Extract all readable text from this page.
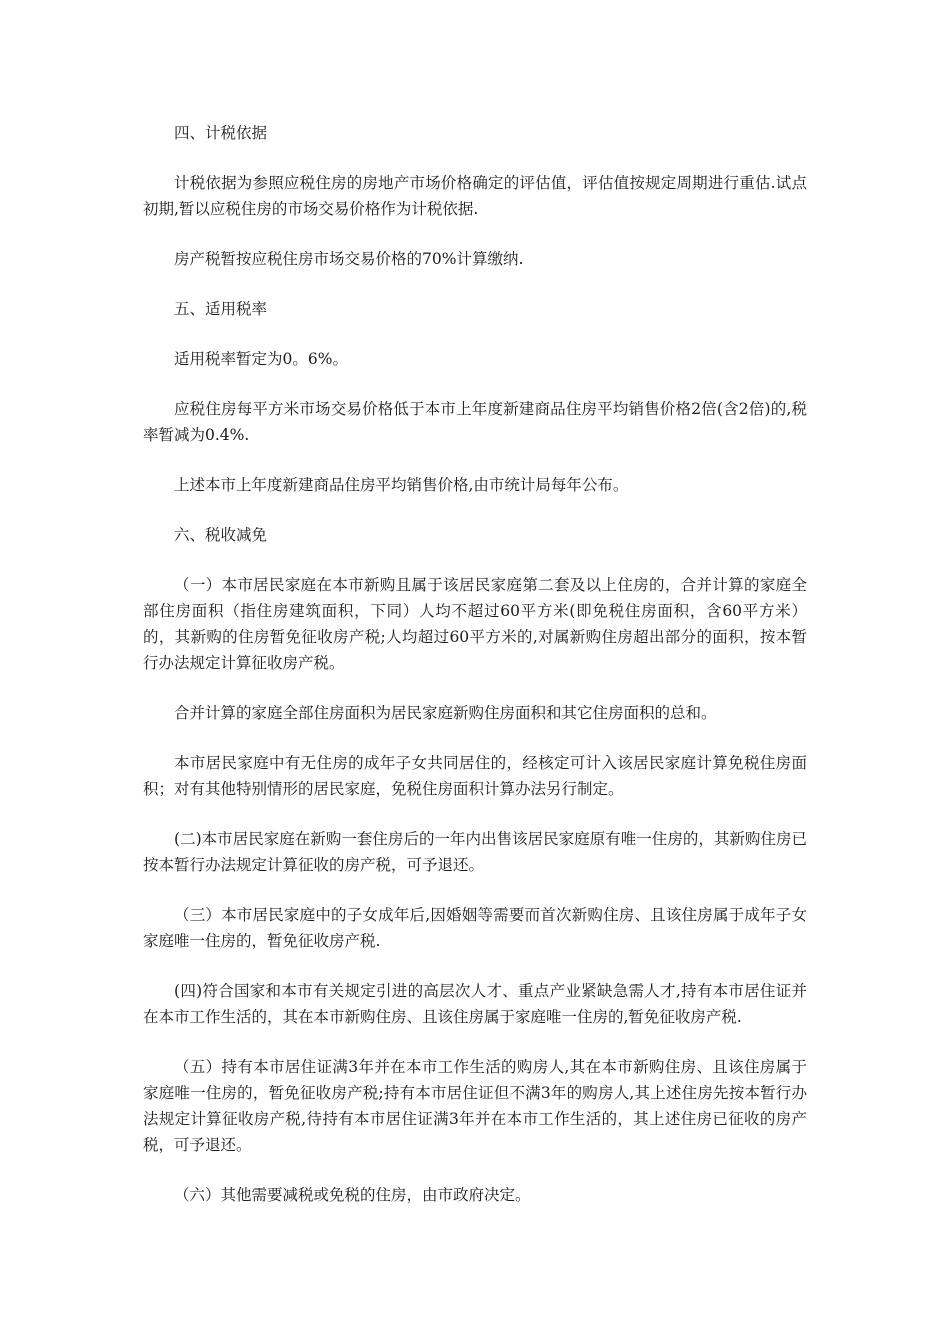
四、计税依据

计税依据为参照应税住房的房地产市场价格确定的评估值，评估值按规定周期进行重估.试点初期,暂以应税住房的市场交易价格作为计税依据.

房产税暂按应税住房市场交易价格的70%计算缴纳.

五、适用税率

适用税率暂定为0。6%。

应税住房每平方米市场交易价格低于本市上年度新建商品住房平均销售价格2倍(含2倍)的,税率暂减为0.4%.

上述本市上年度新建商品住房平均销售价格,由市统计局每年公布。

六、税收减免

（一）本市居民家庭在本市新购且属于该居民家庭第二套及以上住房的，合并计算的家庭全部住房面积（指住房建筑面积，下同）人均不超过60平方米(即免税住房面积，含60平方米）的，其新购的住房暂免征收房产税;人均超过60平方米的,对属新购住房超出部分的面积，按本暂行办法规定计算征收房产税。

合并计算的家庭全部住房面积为居民家庭新购住房面积和其它住房面积的总和。

本市居民家庭中有无住房的成年子女共同居住的，经核定可计入该居民家庭计算免税住房面积；对有其他特别情形的居民家庭，免税住房面积计算办法另行制定。

(二)本市居民家庭在新购一套住房后的一年内出售该居民家庭原有唯一住房的，其新购住房已按本暂行办法规定计算征收的房产税，可予退还。

（三）本市居民家庭中的子女成年后,因婚姻等需要而首次新购住房、且该住房属于成年子女家庭唯一住房的，暂免征收房产税.

(四)符合国家和本市有关规定引进的高层次人才、重点产业紧缺急需人才,持有本市居住证并在本市工作生活的，其在本市新购住房、且该住房属于家庭唯一住房的,暂免征收房产税.

（五）持有本市居住证满3年并在本市工作生活的购房人,其在本市新购住房、且该住房属于家庭唯一住房的，暂免征收房产税;持有本市居住证但不满3年的购房人,其上述住房先按本暂行办法规定计算征收房产税,待持有本市居住证满3年并在本市工作生活的，其上述住房已征收的房产税，可予退还。

（六）其他需要减税或免税的住房，由市政府决定。
